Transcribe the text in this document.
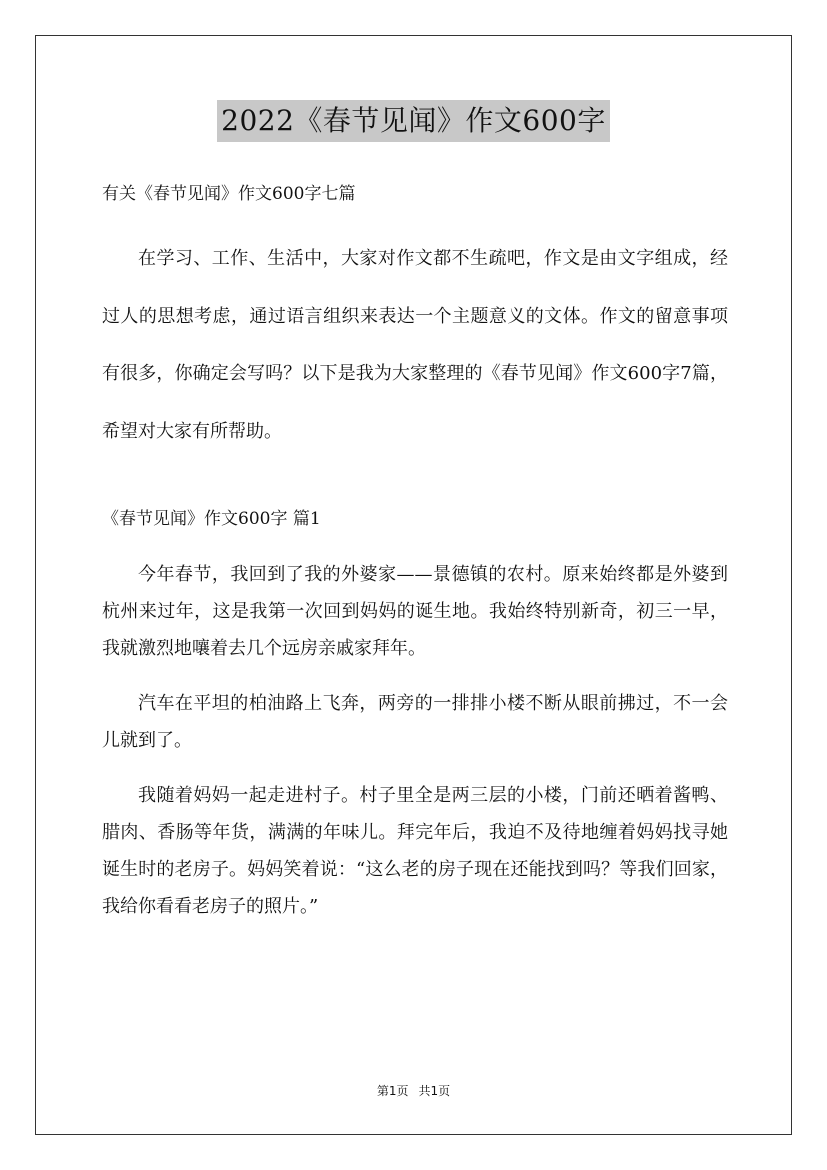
2022《春节见闻》作文600字
有关《春节见闻》作文600字七篇

在学习、工作、生活中，大家对作文都不生疏吧，作文是由文字组成，经过人的思想考虑，通过语言组织来表达一个主题意义的文体。作文的留意事项有很多，你确定会写吗？以下是我为大家整理的《春节见闻》作文600字7篇，希望对大家有所帮助。

《春节见闻》作文600字 篇1

今年春节，我回到了我的外婆家——景德镇的农村。原来始终都是外婆到杭州来过年，这是我第一次回到妈妈的诞生地。我始终特别新奇，初三一早，我就激烈地嚷着去几个远房亲戚家拜年。

汽车在平坦的柏油路上飞奔，两旁的一排排小楼不断从眼前拂过，不一会儿就到了。

我随着妈妈一起走进村子。村子里全是两三层的小楼，门前还晒着酱鸭、腊肉、香肠等年货，满满的年味儿。拜完年后，我迫不及待地缠着妈妈找寻她诞生时的老房子。妈妈笑着说：“这么老的房子现在还能找到吗？等我们回家，我给你看看老房子的照片。”

第1页 共1页
